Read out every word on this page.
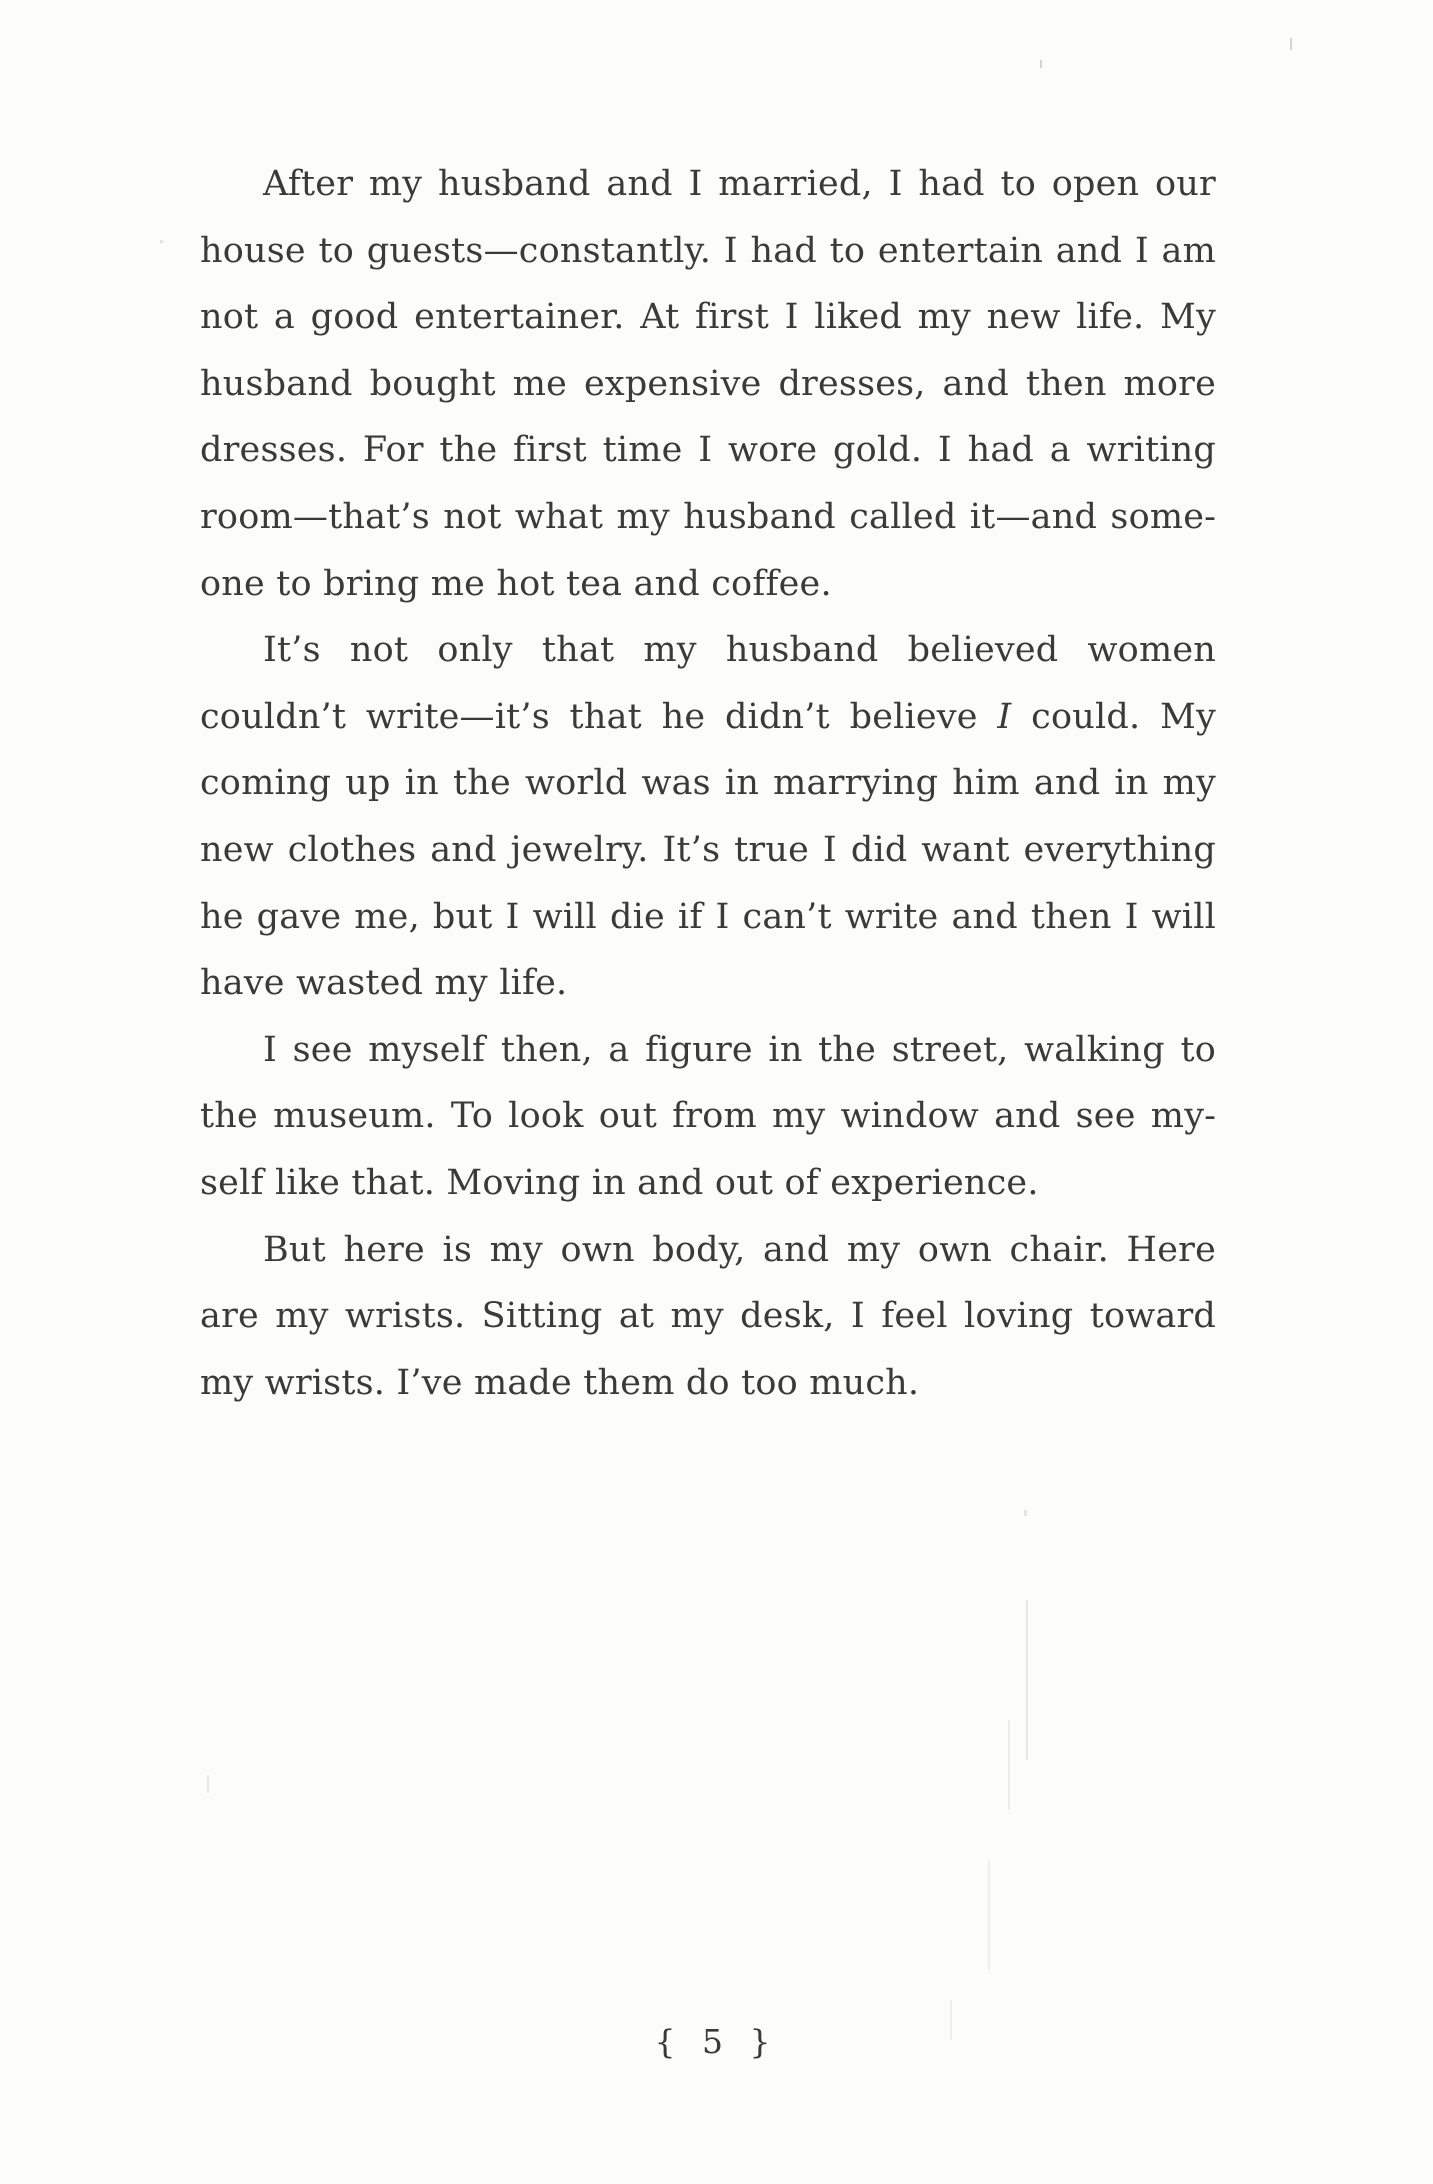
After my husband and I married, I had to open our house to guests—constantly. I had to entertain and I am not a good entertainer. At first I liked my new life. My husband bought me expensive dresses, and then more dresses. For the first time I wore gold. I had a writing room—that’s not what my husband called it—and someone to bring me hot tea and coffee.

It’s not only that my husband believed women couldn’t write—it’s that he didn’t believe I could. My coming up in the world was in marrying him and in my new clothes and jewelry. It’s true I did want everything he gave me, but I will die if I can’t write and then I will have wasted my life.

I see myself then, a figure in the street, walking to the museum. To look out from my window and see myself like that. Moving in and out of experience.

But here is my own body, and my own chair. Here are my wrists. Sitting at my desk, I feel loving toward my wrists. I’ve made them do too much.

{ 5 }
